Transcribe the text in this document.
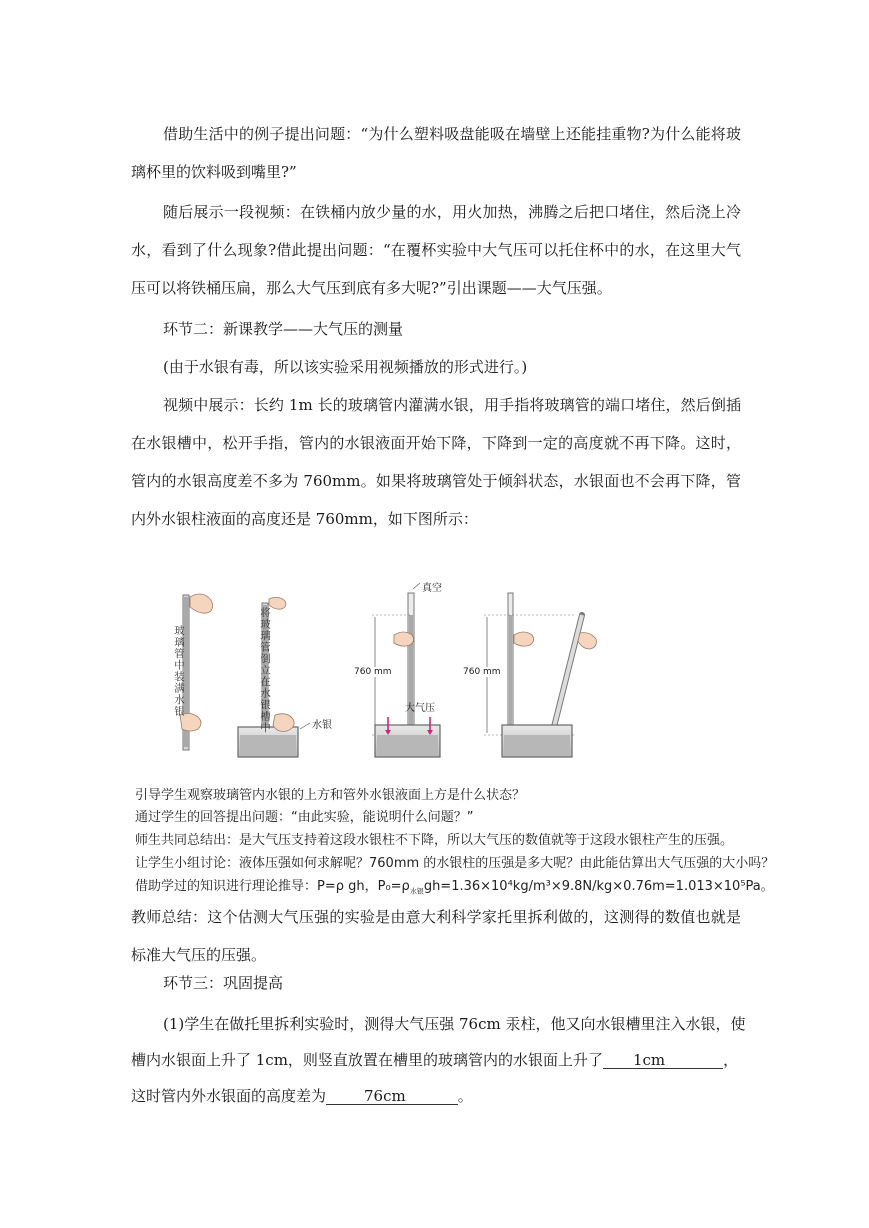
借助生活中的例子提出问题：“为什么塑料吸盘能吸在墙壁上还能挂重物?为什么能将玻璃杯里的饮料吸到嘴里?”

随后展示一段视频：在铁桶内放少量的水，用火加热，沸腾之后把口堵住，然后浇上冷水，看到了什么现象?借此提出问题：“在覆杯实验中大气压可以托住杯中的水，在这里大气压可以将铁桶压扁，那么大气压到底有多大呢?”引出课题——大气压强。

环节二：新课教学——大气压的测量
(由于水银有毒，所以该实验采用视频播放的形式进行。)

视频中展示：长约 1m 长的玻璃管内灌满水银，用手指将玻璃管的端口堵住，然后倒插在水银槽中，松开手指，管内的水银液面开始下降，下降到一定的高度就不再下降。这时，管内的水银高度差不多为 760mm。如果将玻璃管处于倾斜状态，水银面也不会再下降，管内外水银柱液面的高度还是 760mm，如下图所示：

玻璃管中装满水银	将玻璃管倒立在水银槽中	水银
真空
760 mm
大气压
760 mm
引导学生观察玻璃管内水银的上方和管外水银液面上方是什么状态？
通过学生的回答提出问题：“由此实验，能说明什么问题？”
师生共同总结出：是大气压支持着这段水银柱不下降，所以大气压的数值就等于这段水银柱产生的压强。
让学生小组讨论：液体压强如何求解呢？760mm 的水银柱的压强是多大呢？由此能估算出大气压强的大小吗？
借助学过的知识进行理论推导：P=ρ gh，$P_0=\rho_{水银}gh=1.36\times 10^4kg/m^3\times 9.8N/kg\times 0.76m=1.013\times 10^5Pa$。

教师总结：这个估测大气压强的实验是由意大利科学家托里拆利做的，这测得的数值也就是标准大气压的压强。

环节三：巩固提高
(1)学生在做托里拆利实验时，测得大气压强 76cm 汞柱，他又向水银槽里注入水银，使
槽内水银面上升了 1cm，则竖直放置在槽里的玻璃管内的水银面上升了 1cm	，
这时管内外水银面的高度差为	76cm	。
